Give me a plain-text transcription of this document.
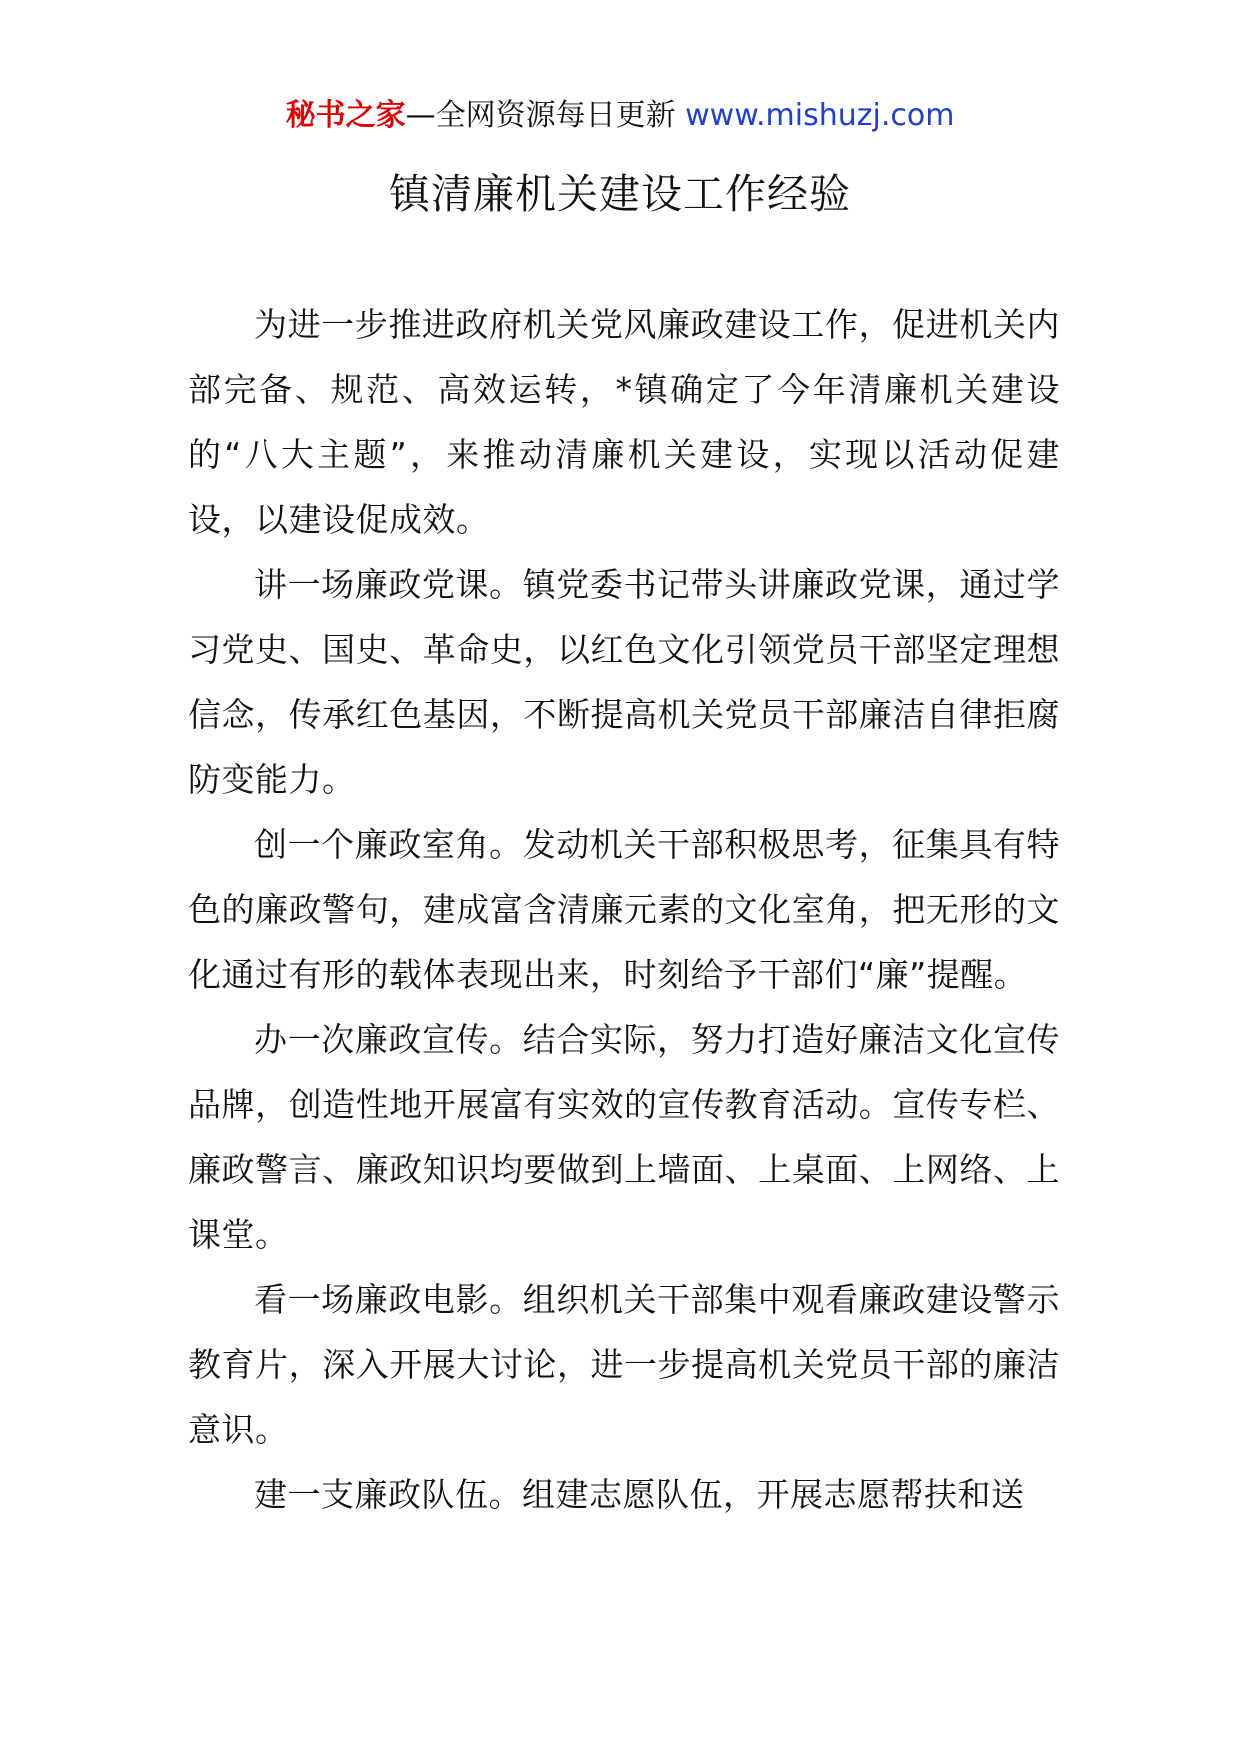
秘书之家—全网资源每日更新 www.mishuzj.com
镇清廉机关建设工作经验

为进一步推进政府机关党风廉政建设工作，促进机关内部完备、规范、高效运转，*镇确定了今年清廉机关建设的“八大主题”，来推动清廉机关建设，实现以活动促建设，以建设促成效。

讲一场廉政党课。镇党委书记带头讲廉政党课，通过学习党史、国史、革命史，以红色文化引领党员干部坚定理想信念，传承红色基因，不断提高机关党员干部廉洁自律拒腐防变能力。

创一个廉政室角。发动机关干部积极思考，征集具有特色的廉政警句，建成富含清廉元素的文化室角，把无形的文化通过有形的载体表现出来，时刻给予干部们“廉”提醒。

办一次廉政宣传。结合实际，努力打造好廉洁文化宣传品牌，创造性地开展富有实效的宣传教育活动。宣传专栏、廉政警言、廉政知识均要做到上墙面、上桌面、上网络、上课堂。

看一场廉政电影。组织机关干部集中观看廉政建设警示教育片，深入开展大讨论，进一步提高机关党员干部的廉洁意识。

建一支廉政队伍。组建志愿队伍，开展志愿帮扶和送
